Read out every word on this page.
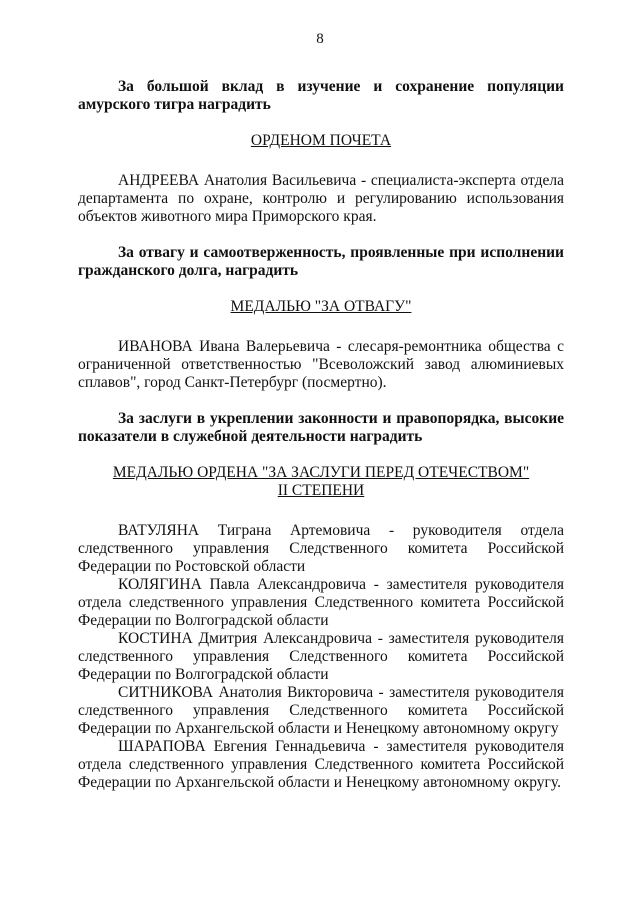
8

За большой вклад в изучение и сохранение популяции амурского тигра наградить

ОРДЕНОМ ПОЧЕТА

АНДРЕЕВА Анатолия Васильевича - специалиста-эксперта отдела департамента по охране, контролю и регулированию использования объектов животного мира Приморского края.

За отвагу и самоотверженность, проявленные при исполнении гражданского долга, наградить

МЕДАЛЬЮ "ЗА ОТВАГУ"

ИВАНОВА Ивана Валерьевича - слесаря-ремонтника общества с ограниченной ответственностью "Всеволожский завод алюминиевых сплавов", город Санкт-Петербург (посмертно).

За заслуги в укреплении законности и правопорядка, высокие показатели в служебной деятельности наградить

МЕДАЛЬЮ ОРДЕНА "ЗА ЗАСЛУГИ ПЕРЕД ОТЕЧЕСТВОМ"

II СТЕПЕНИ

ВАТУЛЯНА Тиграна Артемовича - руководителя отдела следственного управления Следственного комитета Российской Федерации по Ростовской области

КОЛЯГИНА Павла Александровича - заместителя руководителя отдела следственного управления Следственного комитета Российской Федерации по Волгоградской области

КОСТИНА Дмитрия Александровича - заместителя руководителя следственного управления Следственного комитета Российской Федерации по Волгоградской области

СИТНИКОВА Анатолия Викторовича - заместителя руководителя следственного управления Следственного комитета Российской Федерации по Архангельской области и Ненецкому автономному округу

ШАРАПОВА Евгения Геннадьевича - заместителя руководителя отдела следственного управления Следственного комитета Российской Федерации по Архангельской области и Ненецкому автономному округу.
